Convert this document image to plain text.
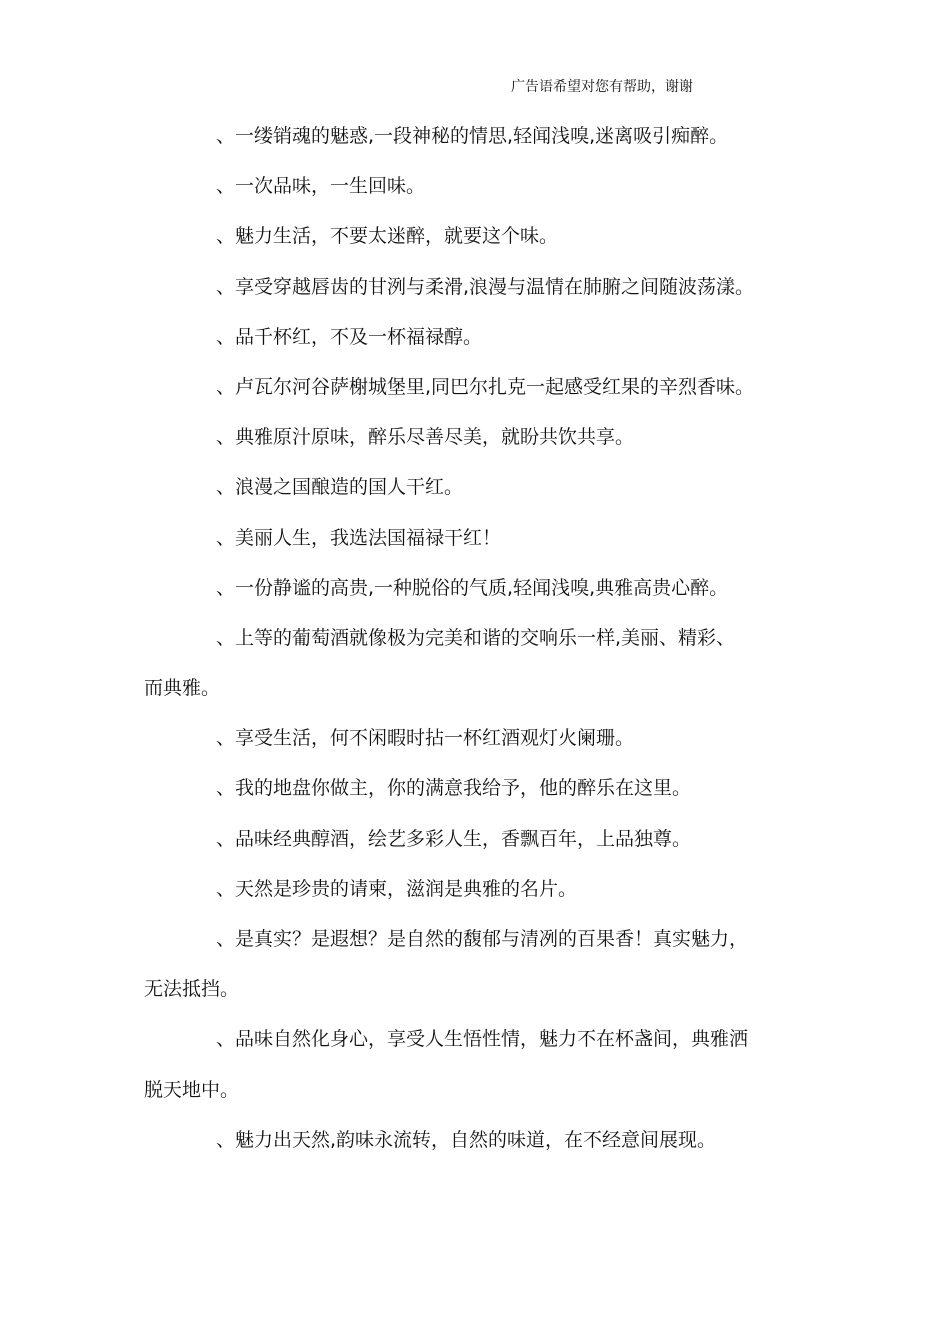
广告语希望对您有帮助，谢谢
、一缕销魂的魅惑,一段神秘的情思,轻闻浅嗅,迷离吸引痴醉。
、一次品味，一生回味。
、魅力生活，不要太迷醉，就要这个味。
、享受穿越唇齿的甘洌与柔滑,浪漫与温情在肺腑之间随波荡漾。
、品千杯红，不及一杯福禄醇。
、卢瓦尔河谷萨榭城堡里,同巴尔扎克一起感受红果的辛烈香味。
、典雅原汁原味，醉乐尽善尽美，就盼共饮共享。
、浪漫之国酿造的国人干红。
、美丽人生，我选法国福禄干红！
、一份静谧的高贵,一种脱俗的气质,轻闻浅嗅,典雅高贵心醉。
、上等的葡萄酒就像极为完美和谐的交响乐一样,美丽、精彩、
而典雅。
、享受生活，何不闲暇时拈一杯红酒观灯火阑珊。
、我的地盘你做主，你的满意我给予，他的醉乐在这里。
、品味经典醇酒，绘艺多彩人生，香飘百年，上品独尊。
、天然是珍贵的请柬，滋润是典雅的名片。
、是真实？是遐想？是自然的馥郁与清冽的百果香！真实魅力，
无法抵挡。
、品味自然化身心，享受人生悟性情，魅力不在杯盏间，典雅洒
脱天地中。
、魅力出天然,韵味永流转，自然的味道，在不经意间展现。
